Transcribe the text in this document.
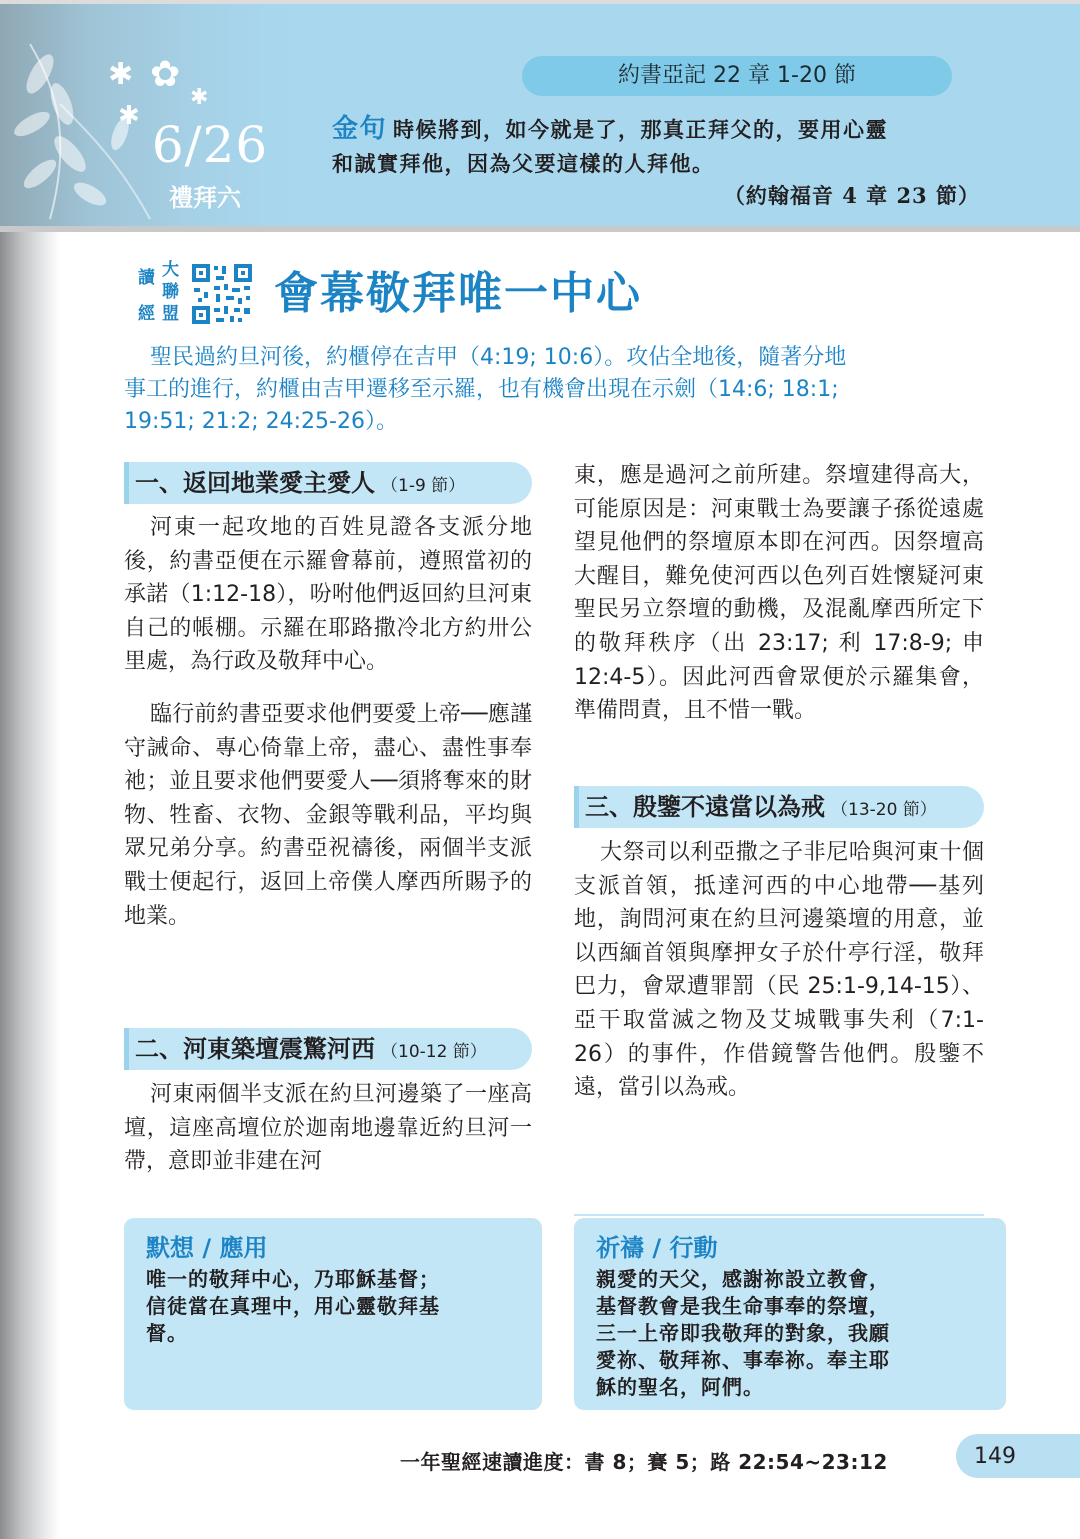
✱ ✿
✱
✱ 6/26
禮拜六
約書亞記 22 章 1-20 節
金句 時候將到，如今就是了，那真正拜父的，要用心靈
和誠實拜他，因為父要這樣的人拜他。
（約翰福音 4 章 23 節）
讀 大
聯
經 盟 會幕敬拜唯一中心
聖民過約旦河後，約櫃停在吉甲（4:19; 10:6）。攻佔全地後，隨著分地
事工的進行，約櫃由吉甲遷移至示羅，也有機會出現在示劍（14:6; 18:1;
19:51; 21:2; 24:25-26）。
一、返回地業愛主愛人 （1-9 節）

河東一起攻地的百姓見證各支派分地後，約書亞便在示羅會幕前，遵照當初的承諾（1:12-18），吩咐他們返回約旦河東自己的帳棚。示羅在耶路撒冷北方約卅公里處，為行政及敬拜中心。

臨行前約書亞要求他們要愛上帝──應謹守誡命、專心倚靠上帝，盡心、盡性事奉祂；並且要求他們要愛人──須將奪來的財物、牲畜、衣物、金銀等戰利品，平均與眾兄弟分享。約書亞祝禱後，兩個半支派戰士便起行，返回上帝僕人摩西所賜予的地業。

二、河東築壇震驚河西 （10-12 節）

河東兩個半支派在約旦河邊築了一座高壇，這座高壇位於迦南地邊靠近約旦河一帶，意即並非建在河

東，應是過河之前所建。祭壇建得高大，可能原因是：河東戰士為要讓子孫從遠處望見他們的祭壇原本即在河西。因祭壇高大醒目，難免使河西以色列百姓懷疑河東聖民另立祭壇的動機，及混亂摩西所定下的敬拜秩序（出 23:17; 利 17:8-9; 申 12:4-5）。因此河西會眾便於示羅集會，準備問責，且不惜一戰。

三、殷鑒不遠當以為戒 （13-20 節）

大祭司以利亞撒之子非尼哈與河東十個支派首領，抵達河西的中心地帶──基列地，詢問河東在約旦河邊築壇的用意，並以西緬首領與摩押女子於什亭行淫，敬拜巴力，會眾遭罪罰（民 25:1-9,14-15）、亞干取當滅之物及艾城戰事失利（7:1-26）的事件，作借鏡警告他們。殷鑒不遠，當引以為戒。

默想 / 應用
唯一的敬拜中心，乃耶穌基督；
信徒當在真理中，用心靈敬拜基
督。
祈禱 / 行動
親愛的天父，感謝祢設立教會，
基督教會是我生命事奉的祭壇，
三一上帝即我敬拜的對象，我願
愛祢、敬拜祢、事奉祢。奉主耶
穌的聖名，阿們。
一年聖經速讀進度：書 8；賽 5；路 22:54~23:12	149
